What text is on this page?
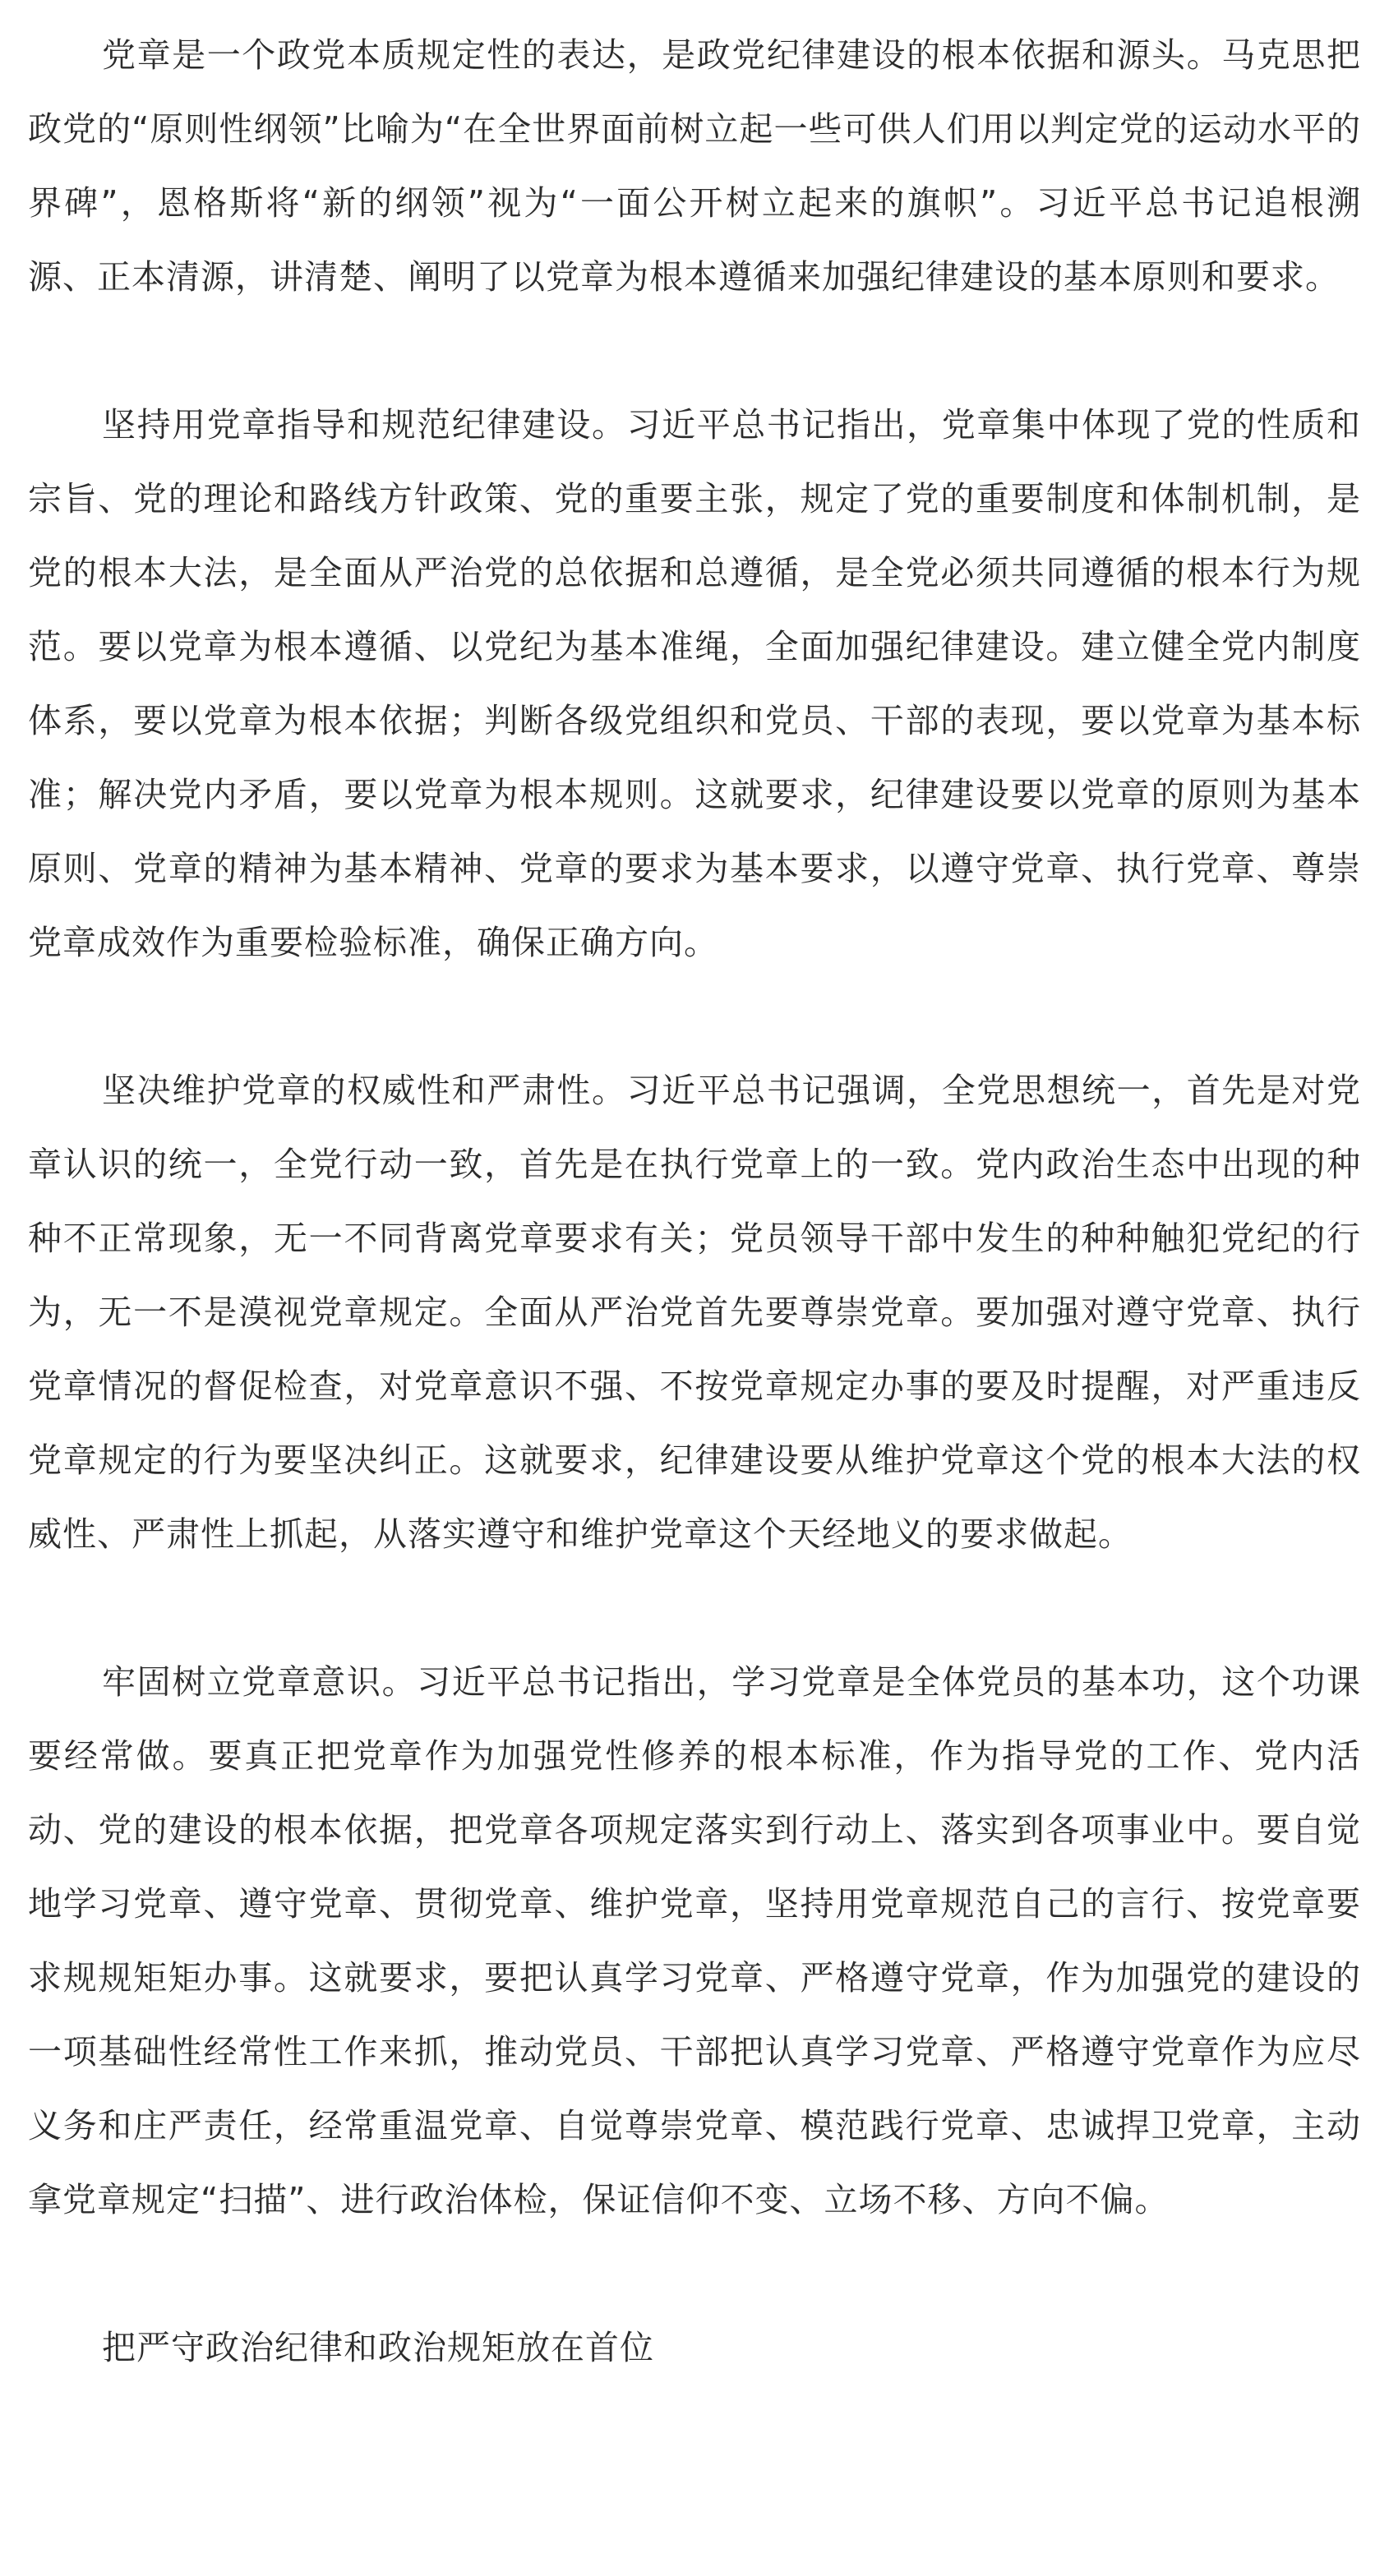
党章是一个政党本质规定性的表达，是政党纪律建设的根本依据和源头。马克思把政党的“原则性纲领”比喻为“在全世界面前树立起一些可供人们用以判定党的运动水平的界碑”，恩格斯将“新的纲领”视为“一面公开树立起来的旗帜”。习近平总书记追根溯源、正本清源，讲清楚、阐明了以党章为根本遵循来加强纪律建设的基本原则和要求。

坚持用党章指导和规范纪律建设。习近平总书记指出，党章集中体现了党的性质和宗旨、党的理论和路线方针政策、党的重要主张，规定了党的重要制度和体制机制，是党的根本大法，是全面从严治党的总依据和总遵循，是全党必须共同遵循的根本行为规范。要以党章为根本遵循、以党纪为基本准绳，全面加强纪律建设。建立健全党内制度体系，要以党章为根本依据；判断各级党组织和党员、干部的表现，要以党章为基本标准；解决党内矛盾，要以党章为根本规则。这就要求，纪律建设要以党章的原则为基本原则、党章的精神为基本精神、党章的要求为基本要求，以遵守党章、执行党章、尊崇党章成效作为重要检验标准，确保正确方向。

坚决维护党章的权威性和严肃性。习近平总书记强调，全党思想统一，首先是对党章认识的统一，全党行动一致，首先是在执行党章上的一致。党内政治生态中出现的种种不正常现象，无一不同背离党章要求有关；党员领导干部中发生的种种触犯党纪的行为，无一不是漠视党章规定。全面从严治党首先要尊崇党章。要加强对遵守党章、执行党章情况的督促检查，对党章意识不强、不按党章规定办事的要及时提醒，对严重违反党章规定的行为要坚决纠正。这就要求，纪律建设要从维护党章这个党的根本大法的权威性、严肃性上抓起，从落实遵守和维护党章这个天经地义的要求做起。

牢固树立党章意识。习近平总书记指出，学习党章是全体党员的基本功，这个功课要经常做。要真正把党章作为加强党性修养的根本标准，作为指导党的工作、党内活动、党的建设的根本依据，把党章各项规定落实到行动上、落实到各项事业中。要自觉地学习党章、遵守党章、贯彻党章、维护党章，坚持用党章规范自己的言行、按党章要求规规矩矩办事。这就要求，要把认真学习党章、严格遵守党章，作为加强党的建设的一项基础性经常性工作来抓，推动党员、干部把认真学习党章、严格遵守党章作为应尽义务和庄严责任，经常重温党章、自觉尊崇党章、模范践行党章、忠诚捍卫党章，主动拿党章规定“扫描”、进行政治体检，保证信仰不变、立场不移、方向不偏。

把严守政治纪律和政治规矩放在首位
